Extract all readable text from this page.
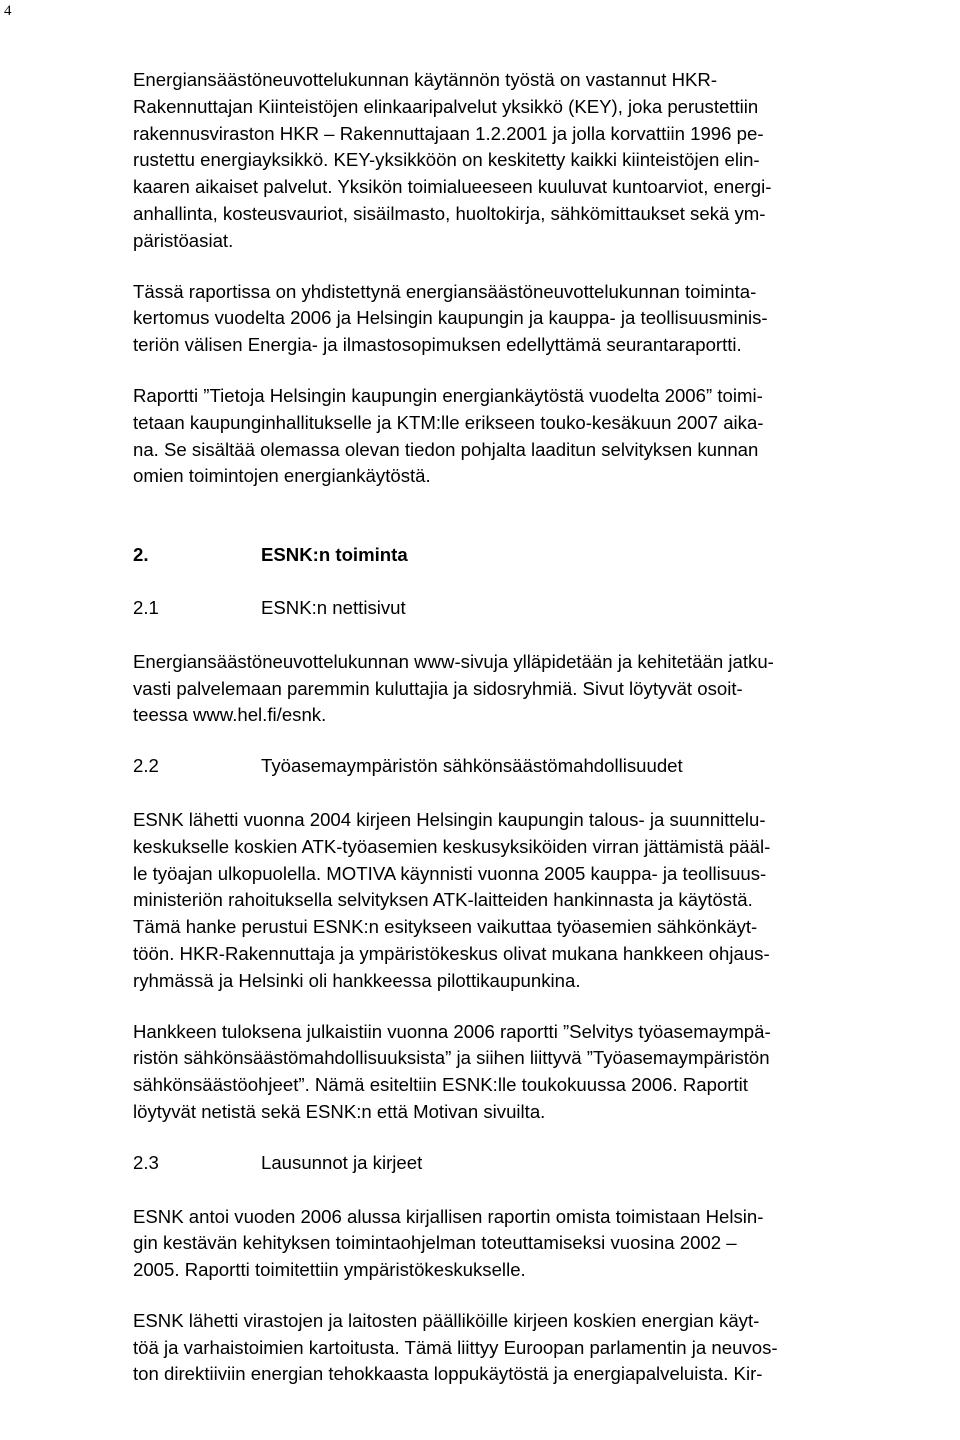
4

Energiansäästöneuvottelukunnan käytännön työstä on vastannut HKR-
Rakennuttajan Kiinteistöjen elinkaaripalvelut yksikkö (KEY), joka perustettiin
rakennusviraston HKR – Rakennuttajaan 1.2.2001 ja jolla korvattiin 1996 pe-
rustettu energiayksikkö. KEY-yksikköön on keskitetty kaikki kiinteistöjen elin-
kaaren aikaiset palvelut. Yksikön toimialueeseen kuuluvat kuntoarviot, energi-
anhallinta, kosteusvauriot, sisäilmasto, huoltokirja, sähkömittaukset sekä ym-
päristöasiat.

Tässä raportissa on yhdistettynä energiansäästöneuvottelukunnan toiminta-
kertomus vuodelta 2006 ja Helsingin kaupungin ja kauppa- ja teollisuusminis-
teriön välisen Energia- ja ilmastosopimuksen edellyttämä seurantaraportti.

Raportti ”Tietoja Helsingin kaupungin energiankäytöstä vuodelta 2006” toimi-
tetaan kaupunginhallitukselle ja KTM:lle erikseen touko-kesäkuun 2007 aika-
na. Se sisältää olemassa olevan tiedon pohjalta laaditun selvityksen kunnan
omien toimintojen energiankäytöstä.

2.	ESNK:n toiminta
2.1	ESNK:n nettisivut

Energiansäästöneuvottelukunnan www-sivuja ylläpidetään ja kehitetään jatku-
vasti palvelemaan paremmin kuluttajia ja sidosryhmiä. Sivut löytyvät osoit-
teessa www.hel.fi/esnk.

2.2	Työasemaympäristön sähkönsäästömahdollisuudet

ESNK lähetti vuonna 2004 kirjeen Helsingin kaupungin talous- ja suunnittelu-
keskukselle koskien ATK-työasemien keskusyksiköiden virran jättämistä pääl-
le työajan ulkopuolella. MOTIVA käynnisti vuonna 2005 kauppa- ja teollisuus-
ministeriön rahoituksella selvityksen ATK-laitteiden hankinnasta ja käytöstä.
Tämä hanke perustui ESNK:n esitykseen vaikuttaa työasemien sähkönkäyt-
töön. HKR-Rakennuttaja ja ympäristökeskus olivat mukana hankkeen ohjaus-
ryhmässä ja Helsinki oli hankkeessa pilottikaupunkina.

Hankkeen tuloksena julkaistiin vuonna 2006 raportti ”Selvitys työasemaympä-
ristön sähkönsäästömahdollisuuksista” ja siihen liittyvä ”Työasemaympäristön
sähkönsäästöohjeet”. Nämä esiteltiin ESNK:lle toukokuussa 2006. Raportit
löytyvät netistä sekä ESNK:n että Motivan sivuilta.

2.3	Lausunnot ja kirjeet

ESNK antoi vuoden 2006 alussa kirjallisen raportin omista toimistaan Helsin-
gin kestävän kehityksen toimintaohjelman toteuttamiseksi vuosina 2002 –
2005. Raportti toimitettiin ympäristökeskukselle.

ESNK lähetti virastojen ja laitosten päälliköille kirjeen koskien energian käyt-
töä ja varhaistoimien kartoitusta. Tämä liittyy Euroopan parlamentin ja neuvos-
ton direktiiviin energian tehokkaasta loppukäytöstä ja energiapalveluista. Kir-
